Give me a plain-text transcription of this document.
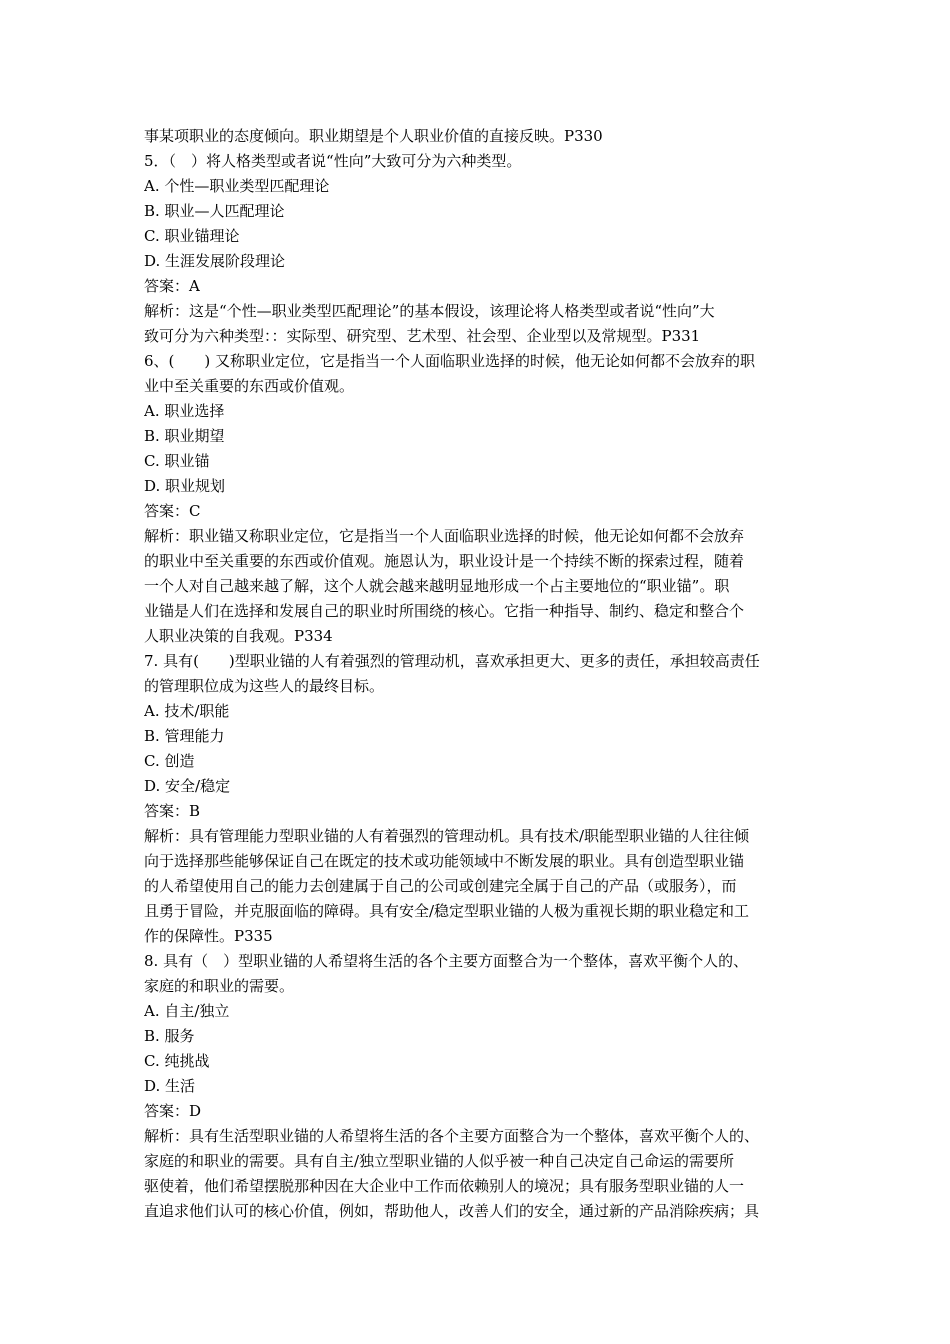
事某项职业的态度倾向。职业期望是个人职业价值的直接反映。P330
5．（　）将人格类型或者说“性向”大致可分为六种类型。
A. 个性—职业类型匹配理论
B. 职业—人匹配理论
C. 职业锚理论
D. 生涯发展阶段理论
答案：A
解析：这是“个性—职业类型匹配理论”的基本假设，该理论将人格类型或者说“性向”大
致可分为六种类型：：实际型、研究型、艺术型、社会型、企业型以及常规型。P331
6、(　　) 又称职业定位，它是指当一个人面临职业选择的时候，他无论如何都不会放弃的职
业中至关重要的东西或价值观。
A. 职业选择
B. 职业期望
C. 职业锚
D. 职业规划
答案：C
解析：职业锚又称职业定位，它是指当一个人面临职业选择的时候，他无论如何都不会放弃
的职业中至关重要的东西或价值观。施恩认为，职业设计是一个持续不断的探索过程，随着
一个人对自己越来越了解，这个人就会越来越明显地形成一个占主要地位的“职业锚”。职
业锚是人们在选择和发展自己的职业时所围绕的核心。它指一种指导、制约、稳定和整合个
人职业决策的自我观。P334
7. 具有(　　)型职业锚的人有着强烈的管理动机，喜欢承担更大、更多的责任，承担较高责任
的管理职位成为这些人的最终目标。
A. 技术/职能
B. 管理能力
C. 创造
D. 安全/稳定
答案：B
解析：具有管理能力型职业锚的人有着强烈的管理动机。具有技术/职能型职业锚的人往往倾
向于选择那些能够保证自己在既定的技术或功能领域中不断发展的职业。具有创造型职业锚
的人希望使用自己的能力去创建属于自己的公司或创建完全属于自己的产品（或服务），而
且勇于冒险，并克服面临的障碍。具有安全/稳定型职业锚的人极为重视长期的职业稳定和工
作的保障性。P335
8. 具有（　）型职业锚的人希望将生活的各个主要方面整合为一个整体，喜欢平衡个人的、
家庭的和职业的需要。
A. 自主/独立
B. 服务
C. 纯挑战
D. 生活
答案：D
解析：具有生活型职业锚的人希望将生活的各个主要方面整合为一个整体，喜欢平衡个人的、
家庭的和职业的需要。具有自主/独立型职业锚的人似乎被一种自己决定自己命运的需要所
驱使着，他们希望摆脱那种因在大企业中工作而依赖别人的境况；具有服务型职业锚的人一
直追求他们认可的核心价值，例如，帮助他人，改善人们的安全，通过新的产品消除疾病；具
